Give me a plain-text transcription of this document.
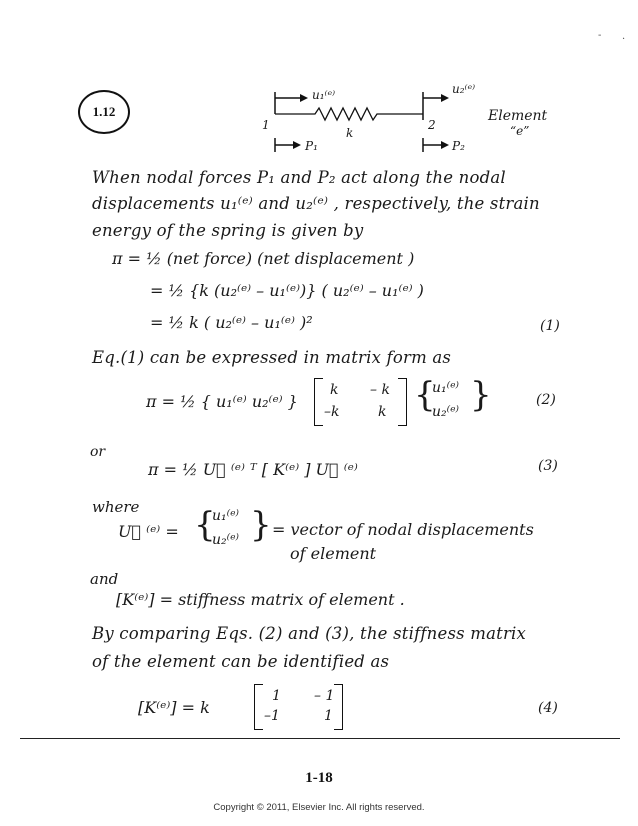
- ·
1.12
u₁⁽ᵉ⁾	u₂⁽ᵉ⁾
1	2
k
P₁	P₂
Element
“e”
When nodal forces P₁ and P₂ act along the nodal
displacements u₁⁽ᵉ⁾ and u₂⁽ᵉ⁾ , respectively, the strain
energy of the spring is given by
π = ½ (net force) (net displacement )
= ½ {k (u₂⁽ᵉ⁾ – u₁⁽ᵉ⁾)} ( u₂⁽ᵉ⁾ – u₁⁽ᵉ⁾ )
= ½ k ( u₂⁽ᵉ⁾ – u₁⁽ᵉ⁾ )²	(1)
Eq.(1) can be expressed in matrix form as
π = ½ { u₁⁽ᵉ⁾ u₂⁽ᵉ⁾ }
k – k
–k	k {
u₁⁽ᵉ⁾
u₂⁽ᵉ⁾ }	(2)
or
π = ½ U⃗ ⁽ᵉ⁾ ᵀ [ K⁽ᵉ⁾ ] U⃗ ⁽ᵉ⁾	(3)
where
U⃗ ⁽ᵉ⁾ = {
u₁⁽ᵉ⁾
u₂⁽ᵉ⁾ } = vector of nodal displacements
of element
and
[K⁽ᵉ⁾] = stiffness matrix of element .
By comparing Eqs. (2) and (3), the stiffness matrix
of the element can be identified as
[K⁽ᵉ⁾] = k
1 – 1
–1	1	(4)
1-18
Copyright © 2011, Elsevier Inc. All rights reserved.
